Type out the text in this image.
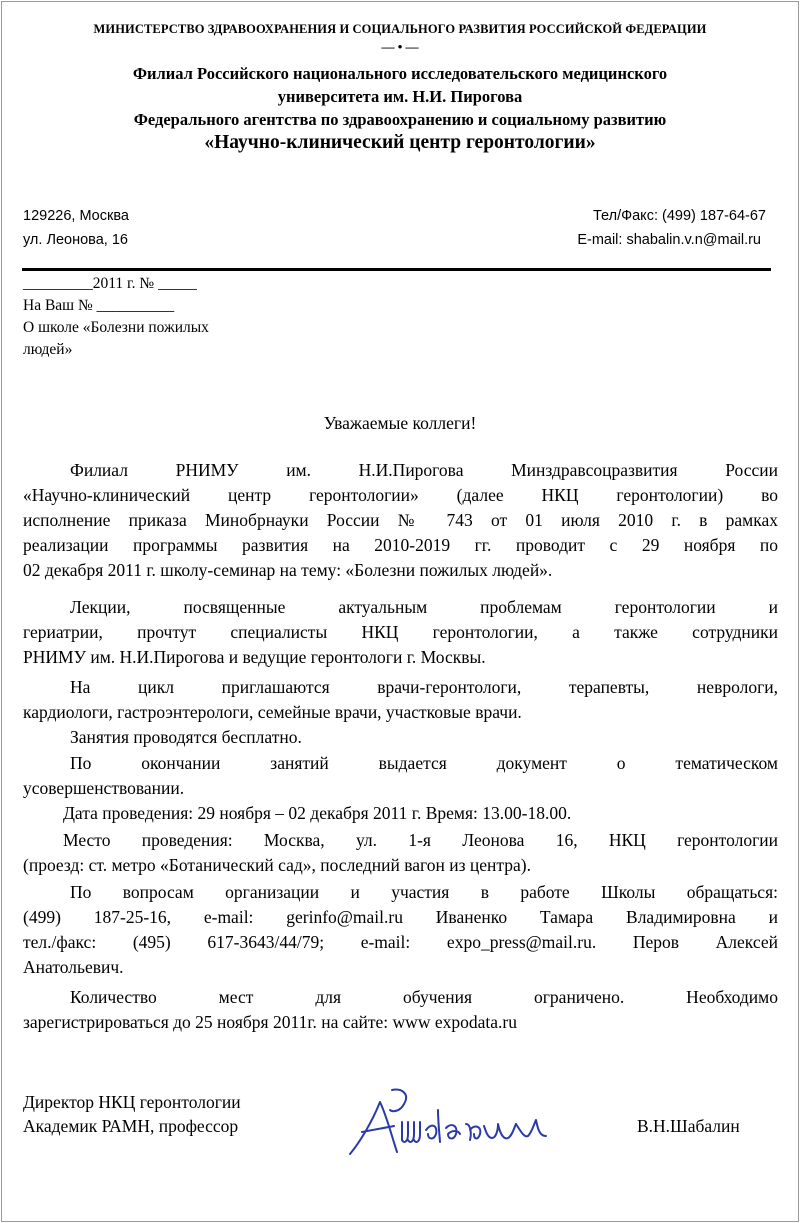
МИНИСТЕРСТВО ЗДРАВООХРАНЕНИЯ И СОЦИАЛЬНОГО РАЗВИТИЯ РОССИЙСКОЙ ФЕДЕРАЦИИ
— • —
Филиал Российского национального исследовательского медицинского
университета им. Н.И. Пирогова
Федерального агентства по здравоохранению и социальному развитию
«Научно-клинический центр геронтологии»
129226, Москва
ул. Леонова, 16
Тел/Факс: (499) 187-64-67
E-mail: shabalin.v.n@mail.ru
_________2011 г. № _____
На Ваш № __________
О школе «Болезни пожилых
людей»
Уважаемые коллеги!
Филиал РНИМУ им. Н.И.Пирогова Минздравсоцразвития России
«Научно-клинический центр геронтологии» (далее НКЦ геронтологии) во
исполнение приказа Минобрнауки России № 743 от 01 июля 2010 г. в рамках
реализации программы развития на 2010-2019 гг. проводит с 29 ноября по
02 декабря 2011 г. школу-семинар на тему: «Болезни пожилых людей».
Лекции, посвященные актуальным проблемам геронтологии и
гериатрии, прочтут специалисты НКЦ геронтологии, а также сотрудники
РНИМУ им. Н.И.Пирогова и ведущие геронтологи г. Москвы.
На цикл приглашаются врачи-геронтологи, терапевты, неврологи,
кардиологи, гастроэнтерологи, семейные врачи, участковые врачи.
Занятия проводятся бесплатно.
По окончании занятий выдается документ о тематическом
усовершенствовании.
Дата проведения: 29 ноября – 02 декабря 2011 г. Время: 13.00-18.00.
Место проведения: Москва, ул. 1-я Леонова 16, НКЦ геронтологии
(проезд: ст. метро «Ботанический сад», последний вагон из центра).
По вопросам организации и участия в работе Школы обращаться:
(499) 187-25-16, e-mail: gerinfo@mail.ru Иваненко Тамара Владимировна и
тел./факс: (495) 617-3643/44/79; e-mail: expo_press@mail.ru. Перов Алексей
Анатольевич.
Количество мест для обучения ограничено. Необходимо
зарегистрироваться до 25 ноября 2011г. на сайте: www expodata.ru
Директор НКЦ геронтологии
Академик РАМН, профессор	В.Н.Шабалин
